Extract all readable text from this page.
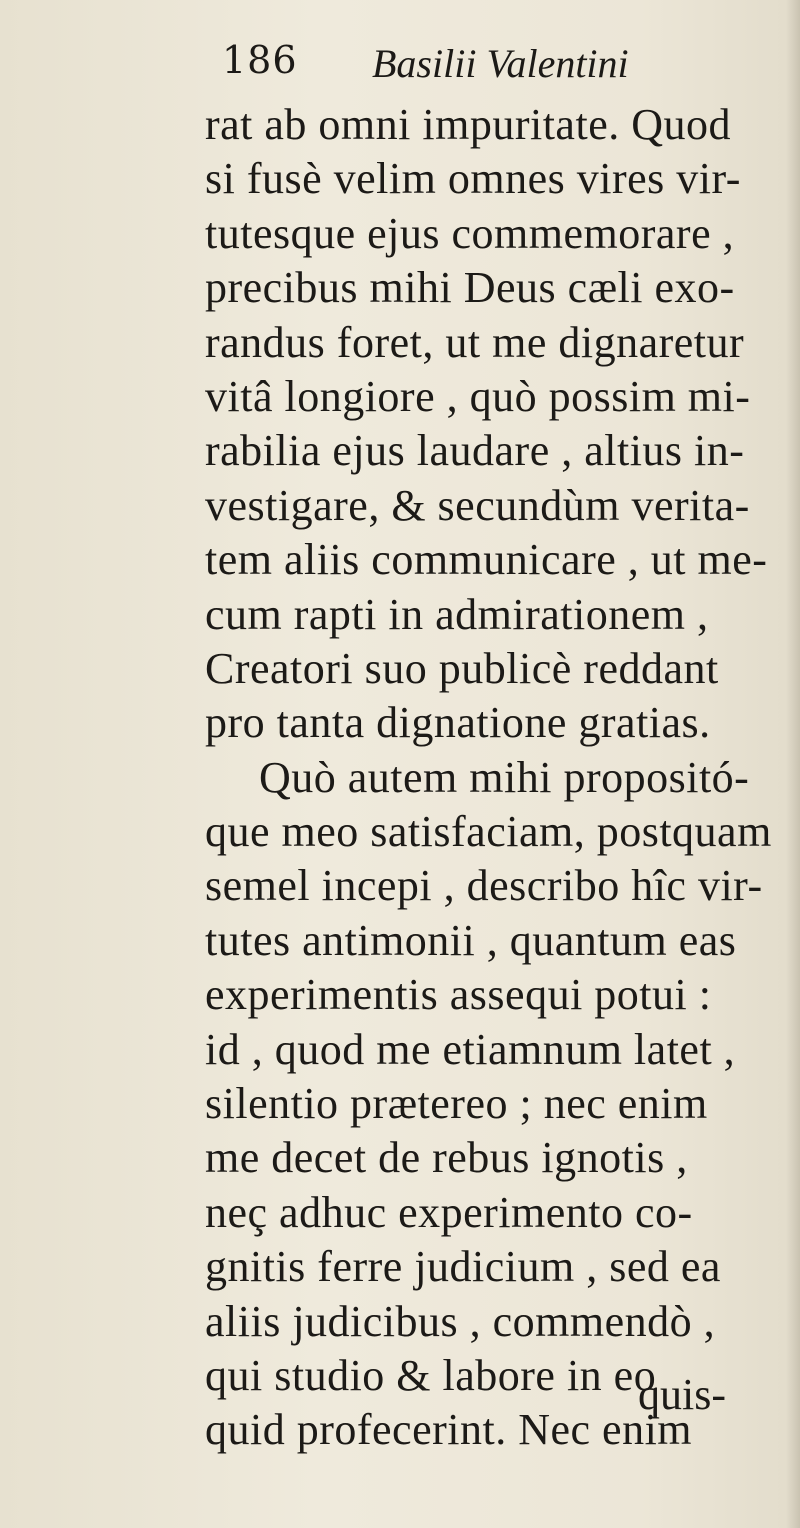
186 Basilii Valentini
rat ab omni impuritate. Quod
si fusè velim omnes vires vir-
tutesque ejus commemorare ,
precibus mihi Deus cæli exo-
randus foret, ut me dignaretur
vitâ longiore , quò possim mi-
rabilia ejus laudare , altius in-
vestigare, & secundùm verita-
tem aliis communicare , ut me-
cum rapti in admirationem ,
Creatori suo publicè reddant
pro tanta dignatione gratias.
Quò autem mihi propositó-
que meo satisfaciam, postquam
semel incepi , describo hîc vir-
tutes antimonii , quantum eas
experimentis assequi potui :
id , quod me etiamnum latet ,
silentio prætereo ; nec enim
me decet de rebus ignotis ,
neç adhuc experimento co-
gnitis ferre judicium , sed ea
aliis judicibus , commendò ,
qui studio & labore in eo
quid profecerint. Nec enim
quis-
